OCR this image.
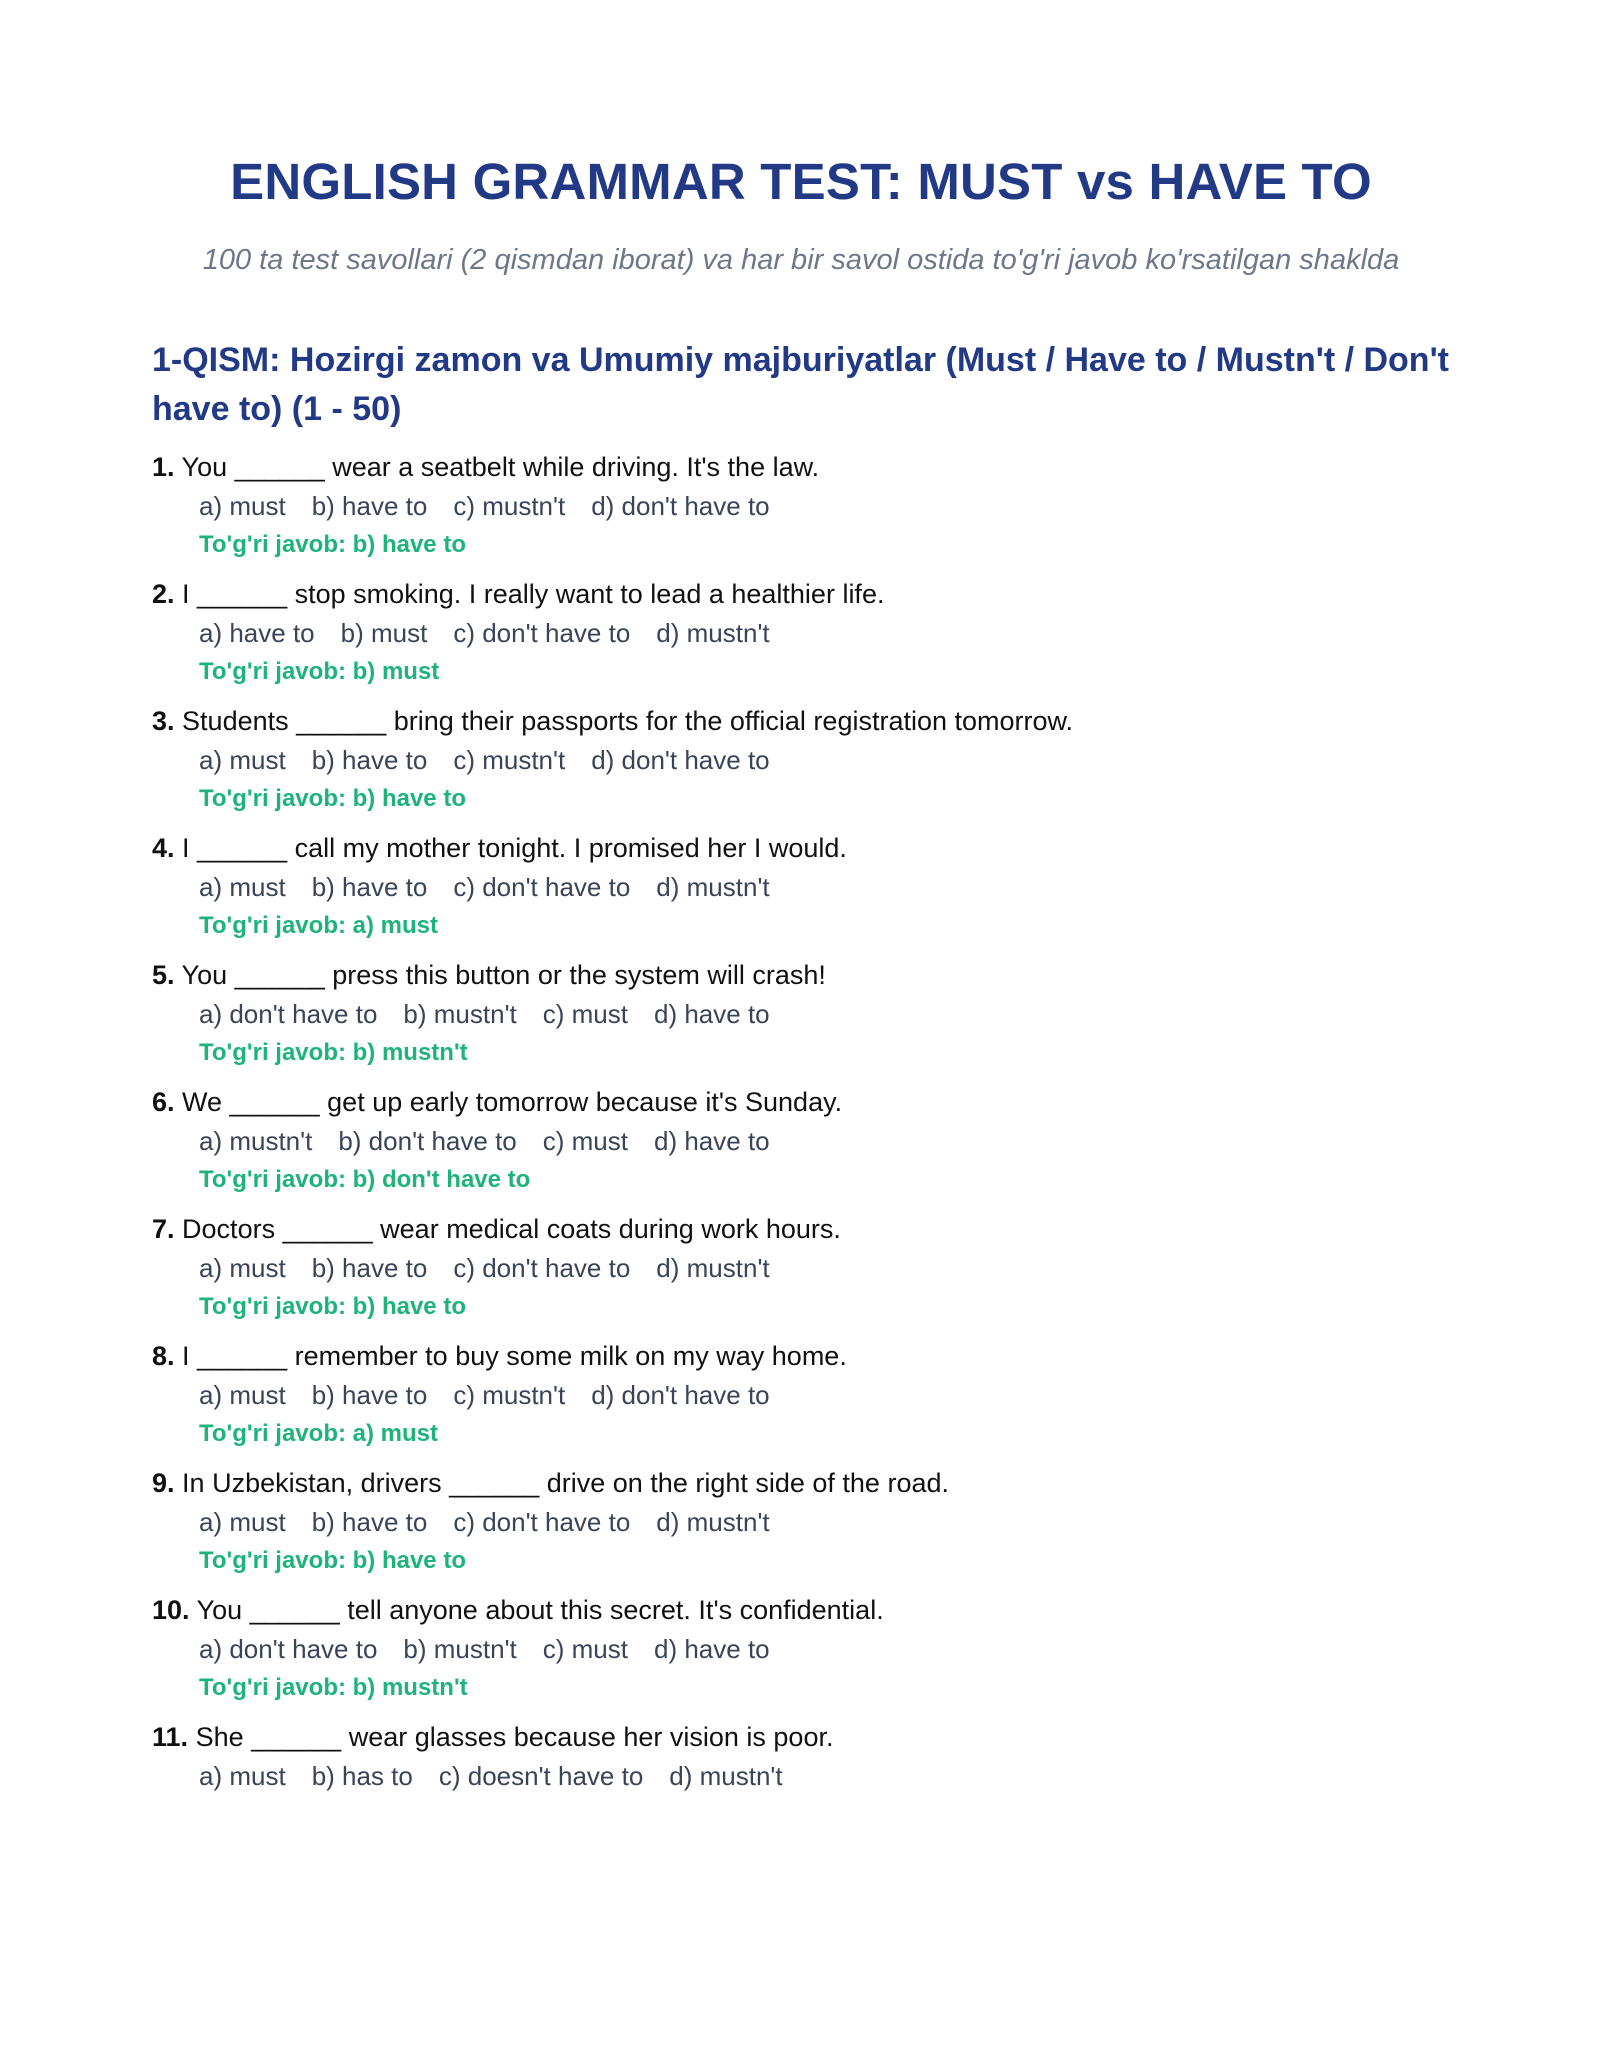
ENGLISH GRAMMAR TEST: MUST vs HAVE TO

100 ta test savollari (2 qismdan iborat) va har bir savol ostida to'g'ri javob ko'rsatilgan shaklda

1-QISM: Hozirgi zamon va Umumiy majburiyatlar (Must / Have to / Mustn't / Don't have to) (1 - 50)

1. You ______ wear a seatbelt while driving. It's the law.

a) must b) have to c) mustn't d) don't have to
To'g'ri javob: b) have to

2. I ______ stop smoking. I really want to lead a healthier life.

a) have to b) must c) don't have to d) mustn't
To'g'ri javob: b) must

3. Students ______ bring their passports for the official registration tomorrow.

a) must b) have to c) mustn't d) don't have to
To'g'ri javob: b) have to

4. I ______ call my mother tonight. I promised her I would.

a) must b) have to c) don't have to d) mustn't
To'g'ri javob: a) must

5. You ______ press this button or the system will crash!

a) don't have to b) mustn't c) must d) have to
To'g'ri javob: b) mustn't

6. We ______ get up early tomorrow because it's Sunday.

a) mustn't b) don't have to c) must d) have to
To'g'ri javob: b) don't have to

7. Doctors ______ wear medical coats during work hours.

a) must b) have to c) don't have to d) mustn't
To'g'ri javob: b) have to

8. I ______ remember to buy some milk on my way home.

a) must b) have to c) mustn't d) don't have to
To'g'ri javob: a) must

9. In Uzbekistan, drivers ______ drive on the right side of the road.

a) must b) have to c) don't have to d) mustn't
To'g'ri javob: b) have to

10. You ______ tell anyone about this secret. It's confidential.

a) don't have to b) mustn't c) must d) have to
To'g'ri javob: b) mustn't

11. She ______ wear glasses because her vision is poor.

a) must b) has to c) doesn't have to d) mustn't
